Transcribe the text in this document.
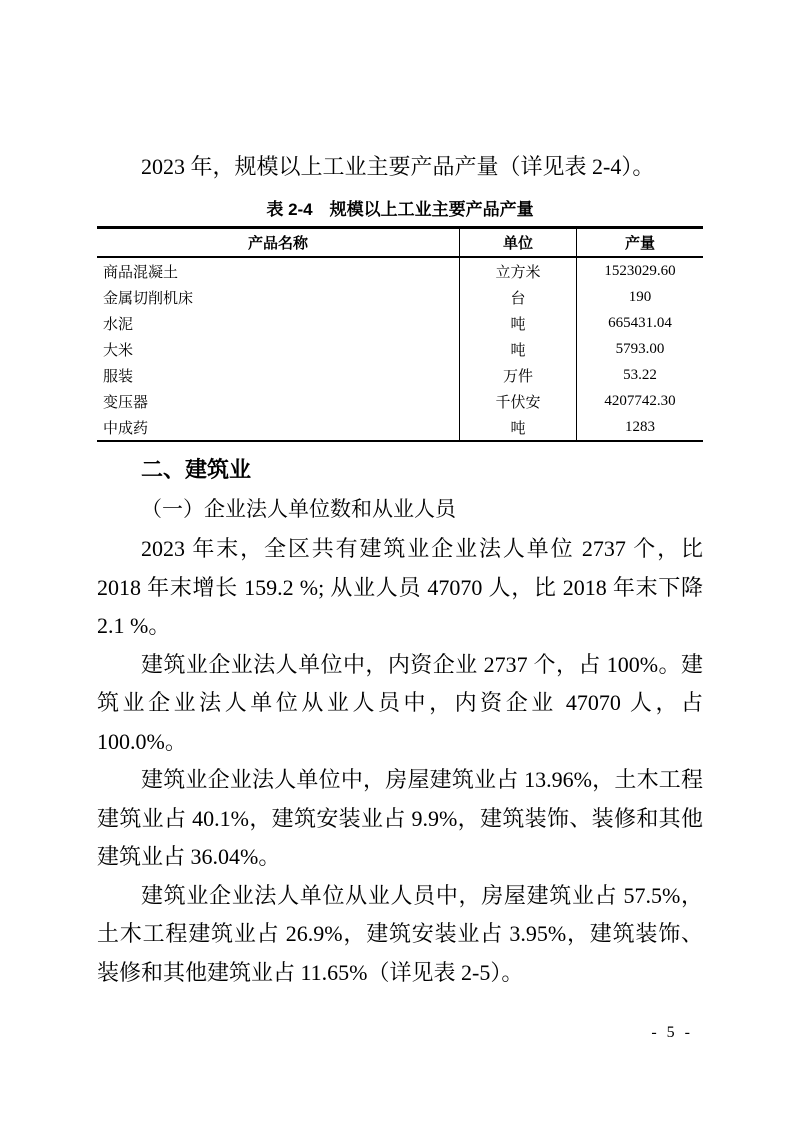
2023 年，规模以上工业主要产品产量（详见表 2-4）。

表 2-4　规模以上工业主要产品产量
产品名称	单位	产量
商品混凝土	立方米	1523029.60
金属切削机床	台	190
水泥	吨	665431.04
大米	吨	5793.00
服装	万件	53.22
变压器	千伏安	4207742.30
中成药	吨	1283
二、建筑业
（一）企业法人单位数和从业人员

2023 年末，全区共有建筑业企业法人单位 2737 个，比 2018 年末增长 159.2 %; 从业人员 47070 人，比 2018 年末下降 2.1 %。

建筑业企业法人单位中，内资企业 2737 个，占 100%。建筑业企业法人单位从业人员中，内资企业 47070 人，占 100.0%。

建筑业企业法人单位中，房屋建筑业占 13.96%，土木工程建筑业占 40.1%，建筑安装业占 9.9%，建筑装饰、装修和其他建筑业占 36.04%。

建筑业企业法人单位从业人员中，房屋建筑业占 57.5%，土木工程建筑业占 26.9%，建筑安装业占 3.95%，建筑装饰、装修和其他建筑业占 11.65%（详见表 2-5）。

- 5 -
